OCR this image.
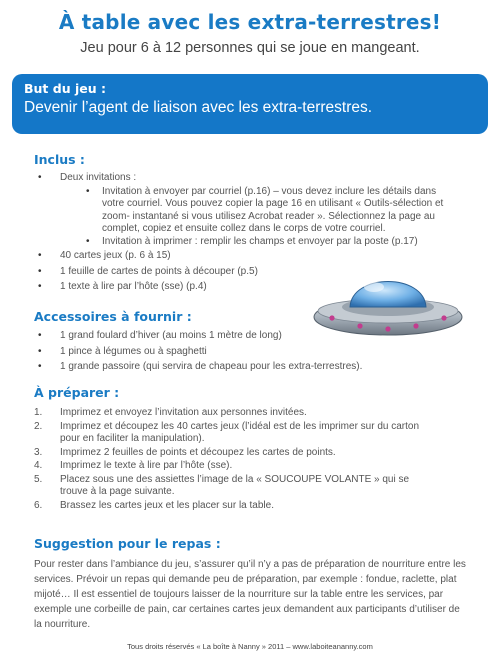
À table avec les extra-terrestres!
Jeu pour 6 à 12 personnes qui se joue en mangeant.
But du jeu :
Devenir l’agent de liaison avec les extra-terrestres.
Inclus :
• Deux invitations :
• Invitation à envoyer par courriel (p.16) – vous devez inclure les détails dans votre courriel. Vous pouvez copier la page 16 en utilisant « Outils-sélection et zoom- instantané si vous utilisez Acrobat reader ». Sélectionnez la page au complet, copiez et ensuite collez dans le corps de votre courriel.
• Invitation à imprimer : remplir les champs et envoyer par la poste (p.17)
• 40 cartes jeux (p. 6 à 15)
• 1 feuille de cartes de points à découper (p.5)
• 1 texte à lire par l’hôte (sse) (p.4)
Accessoires à fournir :
• 1 grand foulard d’hiver (au moins 1 mètre de long)
• 1 pince à légumes ou à spaghetti
• 1 grande passoire (qui servira de chapeau pour les extra-terrestres).
À préparer :
1.	Imprimez et envoyez l’invitation aux personnes invitées.
2.	Imprimez et découpez les 40 cartes jeux (l’idéal est de les imprimer sur du carton pour en faciliter la manipulation).
3.	Imprimez 2 feuilles de points et découpez les cartes de points.
4.	Imprimez le texte à lire par l’hôte (sse).
5.	Placez sous une des assiettes l’image de la « SOUCOUPE VOLANTE » qui se trouve à la page suivante.
6.	Brassez les cartes jeux et les placer sur la table.
Suggestion pour le repas :

Pour rester dans l’ambiance du jeu, s’assurer qu’il n’y a pas de préparation de nourriture entre les services. Prévoir un repas qui demande peu de préparation, par exemple : fondue, raclette, plat mijoté… Il est essentiel de toujours laisser de la nourriture sur la table entre les services, par exemple une corbeille de pain, car certaines cartes jeux demandent aux participants d’utiliser de la nourriture.

Tous droits réservés « La boîte à Nanny » 2011 – www.laboiteananny.com
